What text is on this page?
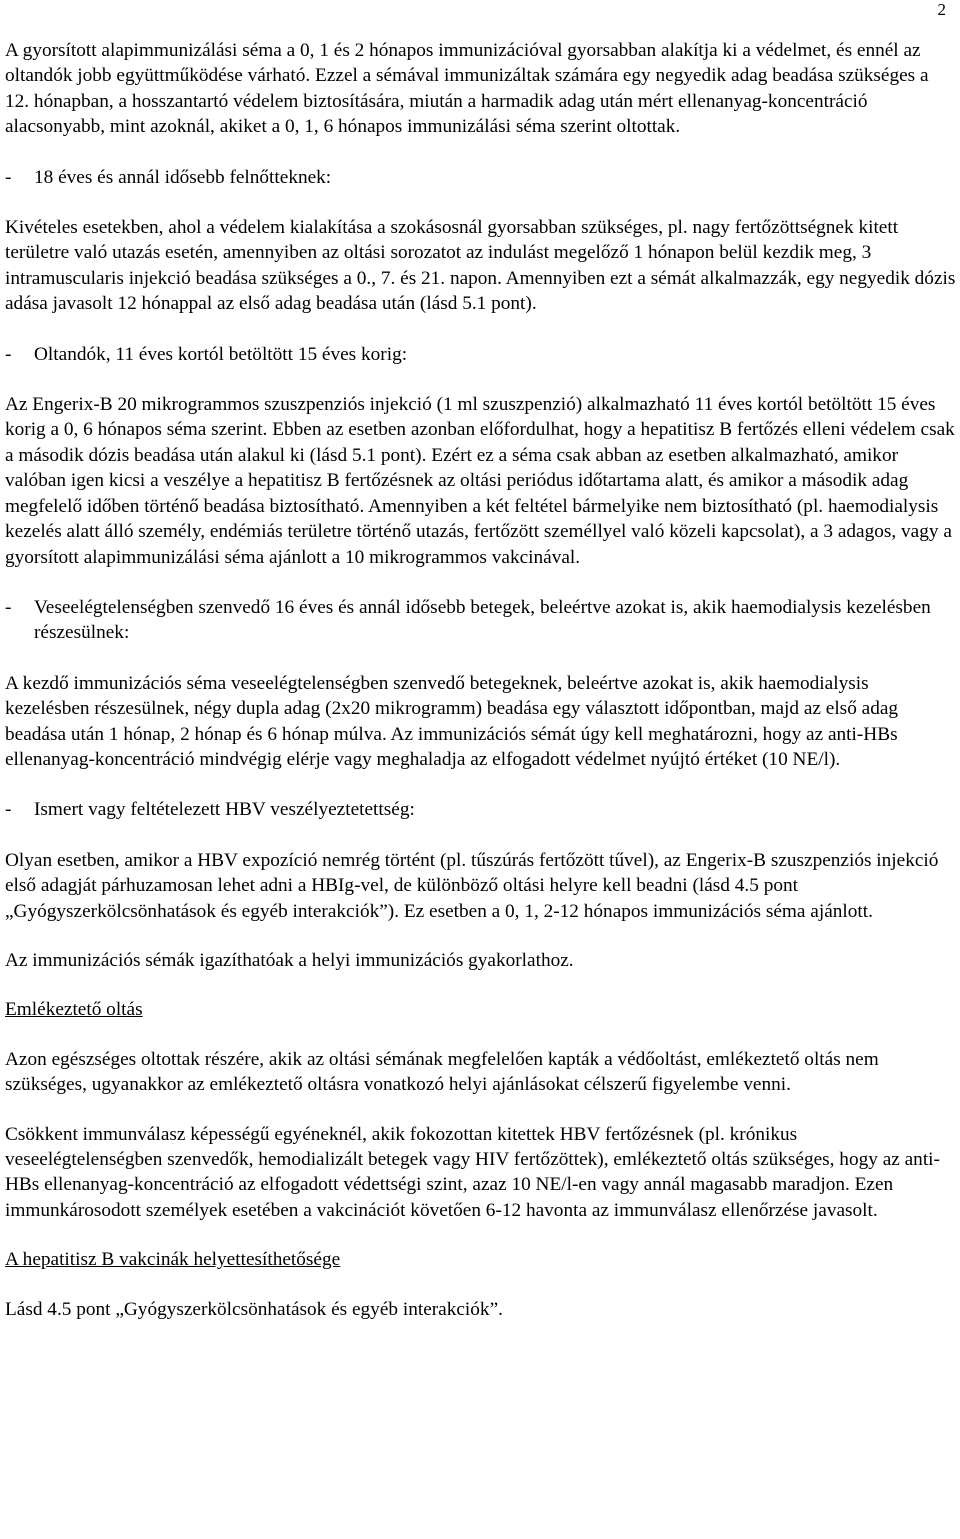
2

A gyorsított alapimmunizálási séma a 0, 1 és 2 hónapos immunizációval gyorsabban alakítja ki a védelmet, és ennél az oltandók jobb együttműködése várható. Ezzel a sémával immunizáltak számára egy negyedik adag beadása szükséges a 12. hónapban, a hosszantartó védelem biztosítására, miután a harmadik adag után mért ellenanyag-koncentráció alacsonyabb, mint azoknál, akiket a 0, 1, 6 hónapos immunizálási séma szerint oltottak.

-	18 éves és annál idősebb felnőtteknek:

Kivételes esetekben, ahol a védelem kialakítása a szokásosnál gyorsabban szükséges, pl. nagy fertőzöttségnek kitett területre való utazás esetén, amennyiben az oltási sorozatot az indulást megelőző 1 hónapon belül kezdik meg, 3 intramuscularis injekció beadása szükséges a 0., 7. és 21. napon. Amennyiben ezt a sémát alkalmazzák, egy negyedik dózis adása javasolt 12 hónappal az első adag beadása után (lásd 5.1 pont).

-	Oltandók, 11 éves kortól betöltött 15 éves korig:

Az Engerix-B 20 mikrogrammos szuszpenziós injekció (1 ml szuszpenzió) alkalmazható 11 éves kortól betöltött 15 éves korig a 0, 6 hónapos séma szerint. Ebben az esetben azonban előfordulhat, hogy a hepatitisz B fertőzés elleni védelem csak a második dózis beadása után alakul ki (lásd 5.1 pont). Ezért ez a séma csak abban az esetben alkalmazható, amikor valóban igen kicsi a veszélye a hepatitisz B fertőzésnek az oltási periódus időtartama alatt, és amikor a második adag megfelelő időben történő beadása biztosítható. Amennyiben a két feltétel bármelyike nem biztosítható (pl. haemodialysis kezelés alatt álló személy, endémiás területre történő utazás, fertőzött személlyel való közeli kapcsolat), a 3 adagos, vagy a gyorsított alapimmunizálási séma ajánlott a 10 mikrogrammos vakcinával.

-	Veseelégtelenségben szenvedő 16 éves és annál idősebb betegek, beleértve azokat is, akik haemodialysis kezelésben részesülnek:

A kezdő immunizációs séma veseelégtelenségben szenvedő betegeknek, beleértve azokat is, akik haemodialysis kezelésben részesülnek, négy dupla adag (2x20 mikrogramm) beadása egy választott időpontban, majd az első adag beadása után 1 hónap, 2 hónap és 6 hónap múlva. Az immunizációs sémát úgy kell meghatározni, hogy az anti-HBs ellenanyag-koncentráció mindvégig elérje vagy meghaladja az elfogadott védelmet nyújtó értéket (10 NE/l).

-	Ismert vagy feltételezett HBV veszélyeztetettség:

Olyan esetben, amikor a HBV expozíció nemrég történt (pl. tűszúrás fertőzött tűvel), az Engerix-B szuszpenziós injekció első adagját párhuzamosan lehet adni a HBIg-vel, de különböző oltási helyre kell beadni (lásd 4.5 pont „Gyógyszerkölcsönhatások és egyéb interakciók”). Ez esetben a 0, 1, 2-12 hónapos immunizációs séma ajánlott.

Az immunizációs sémák igazíthatóak a helyi immunizációs gyakorlathoz.

Emlékeztető oltás

Azon egészséges oltottak részére, akik az oltási sémának megfelelően kapták a védőoltást, emlékeztető oltás nem szükséges, ugyanakkor az emlékeztető oltásra vonatkozó helyi ajánlásokat célszerű figyelembe venni.

Csökkent immunválasz képességű egyéneknél, akik fokozottan kitettek HBV fertőzésnek (pl. krónikus veseelégtelenségben szenvedők, hemodializált betegek vagy HIV fertőzöttek), emlékeztető oltás szükséges, hogy az anti-HBs ellenanyag-koncentráció az elfogadott védettségi szint, azaz 10 NE/l-en vagy annál magasabb maradjon. Ezen immunkárosodott személyek esetében a vakcinációt követően 6-12 havonta az immunválasz ellenőrzése javasolt.

A hepatitisz B vakcinák helyettesíthetősége

Lásd 4.5 pont „Gyógyszerkölcsönhatások és egyéb interakciók”.
